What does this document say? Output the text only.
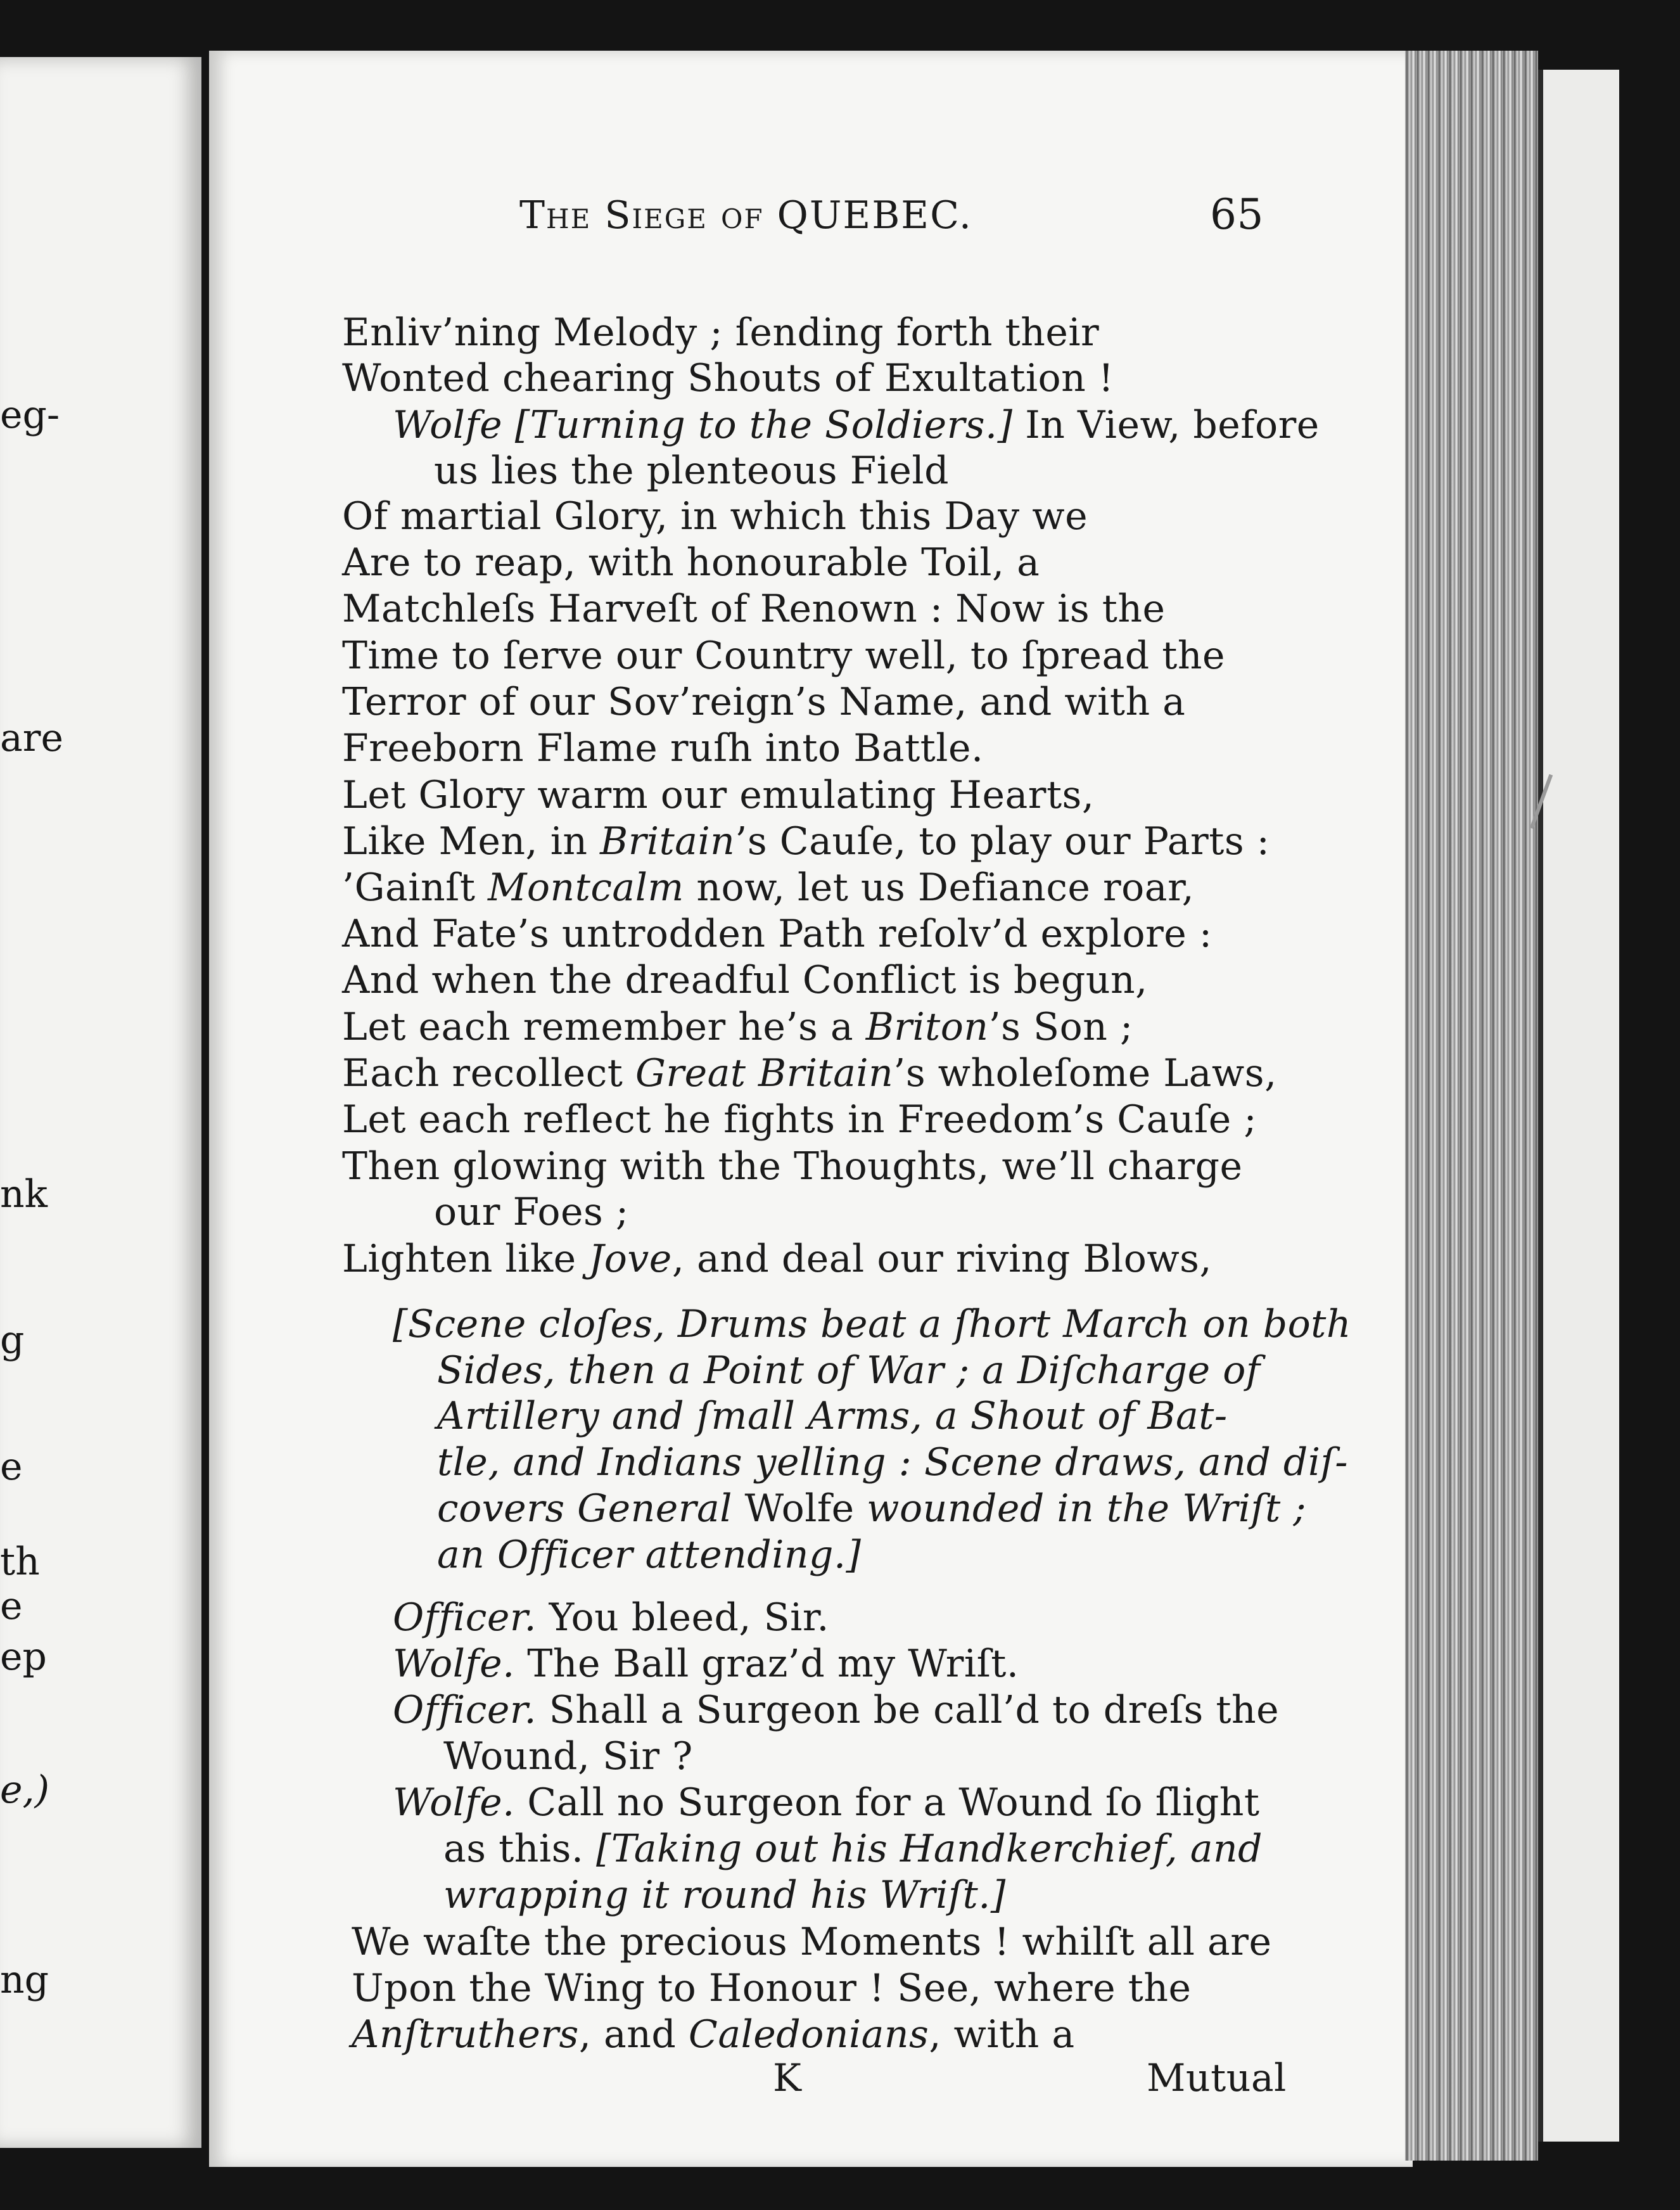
eg-
are
nk
g
e
th
e
ep
e,)
ng
The Siege of QUEBEC.	65
Enliv’ning Melody ; ſending forth their
Wonted chearing Shouts of Exultation !
Wolfe [Turning to the Soldiers.] In View, before
us lies the plenteous Field
Of martial Glory, in which this Day we
Are to reap, with honourable Toil, a
Matchleſs Harveſt of Renown : Now is the
Time to ſerve our Country well, to ſpread the
Terror of our Sov’reign’s Name, and with a
Freeborn Flame ruſh into Battle.
Let Glory warm our emulating Hearts,
Like Men, in Britain’s Cauſe, to play our Parts :
’Gainſt Montcalm now, let us Defiance roar,
And Fate’s untrodden Path reſolv’d explore :
And when the dreadful Conflict is begun,
Let each remember he’s a Briton’s Son ;
Each recollect Great Britain’s wholeſome Laws,
Let each reflect he fights in Freedom’s Cauſe ;
Then glowing with the Thoughts, we’ll charge
our Foes ;
Lighten like Jove, and deal our riving Blows,
[Scene cloſes, Drums beat a ſhort March on both
Sides, then a Point of War ; a Diſcharge of
Artillery and ſmall Arms, a Shout of Bat-
tle, and Indians yelling : Scene draws, and diſ-
covers General Wolfe wounded in the Wriſt ;
an Officer attending.]
Officer. You bleed, Sir.
Wolfe. The Ball graz’d my Wriſt.
Officer. Shall a Surgeon be call’d to dreſs the
Wound, Sir ?
Wolfe. Call no Surgeon for a Wound ſo ſlight
as this. [Taking out his Handkerchief, and
wrapping it round his Wriſt.]
We waſte the precious Moments ! whilſt all are
Upon the Wing to Honour ! See, where the
Anſtruthers, and Caledonians, with a
K	Mutual
